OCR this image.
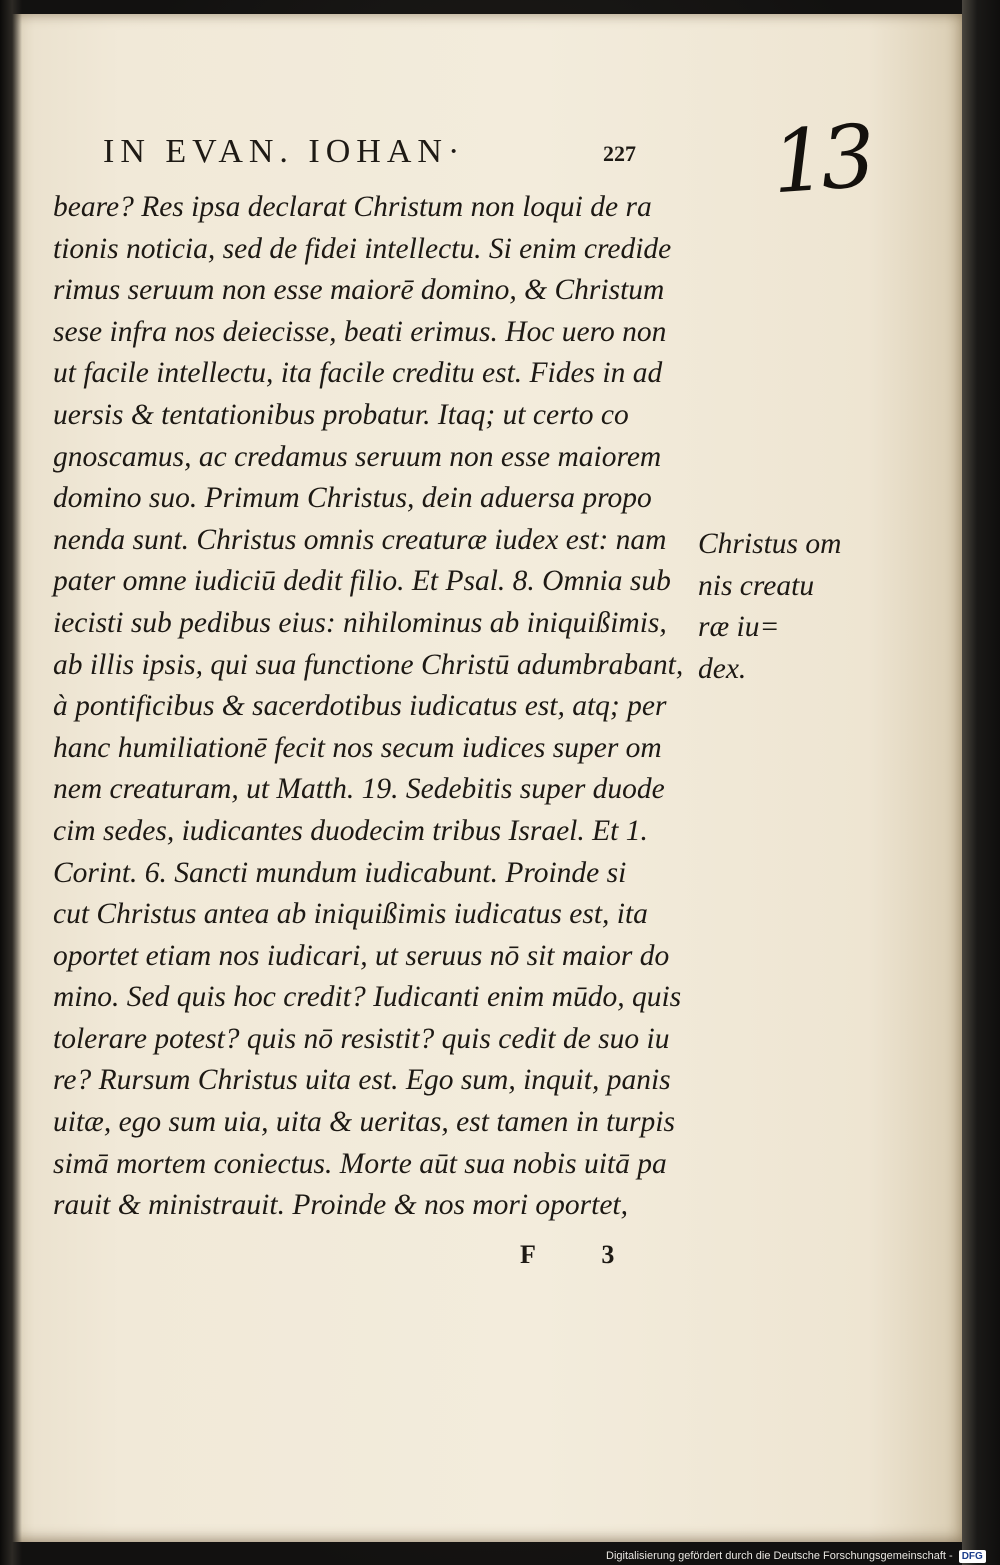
IN EVAN. IOHAN·	227 13
beare? Res ipsa declarat Christum non loqui de ra
tionis noticia, sed de fidei intellectu. Si enim credide
rimus seruum non esse maiorē domino, & Christum
sese infra nos deiecisse, beati erimus. Hoc uero non
ut facile intellectu, ita facile creditu est. Fides in ad
uersis & tentationibus probatur. Itaq; ut certo co
gnoscamus, ac credamus seruum non esse maiorem
domino suo. Primum Christus, dein aduersa propo
nenda sunt. Christus omnis creaturæ iudex est: nam
pater omne iudiciū dedit filio. Et Psal. 8. Omnia sub
iecisti sub pedibus eius: nihilominus ab iniquißimis,
ab illis ipsis, qui sua functione Christū adumbrabant,
à pontificibus & sacerdotibus iudicatus est, atq; per
hanc humiliationē fecit nos secum iudices super om
nem creaturam, ut Matth. 19. Sedebitis super duode
cim sedes, iudicantes duodecim tribus Israel. Et 1.
Corint. 6. Sancti mundum iudicabunt. Proinde si
cut Christus antea ab iniquißimis iudicatus est, ita
oportet etiam nos iudicari, ut seruus nō sit maior do
mino. Sed quis hoc credit? Iudicanti enim mūdo, quis
tolerare potest? quis nō resistit? quis cedit de suo iu
re? Rursum Christus uita est. Ego sum, inquit, panis
uitæ, ego sum uia, uita & ueritas, est tamen in turpis
simā mortem coniectus. Morte aūt sua nobis uitā pa
rauit & ministrauit. Proinde & nos mori oportet,
Christus om
nis creatu
ræ iu=
dex.
F 3
Digitalisierung gefördert durch die Deutsche Forschungsgemeinschaft - DFG
